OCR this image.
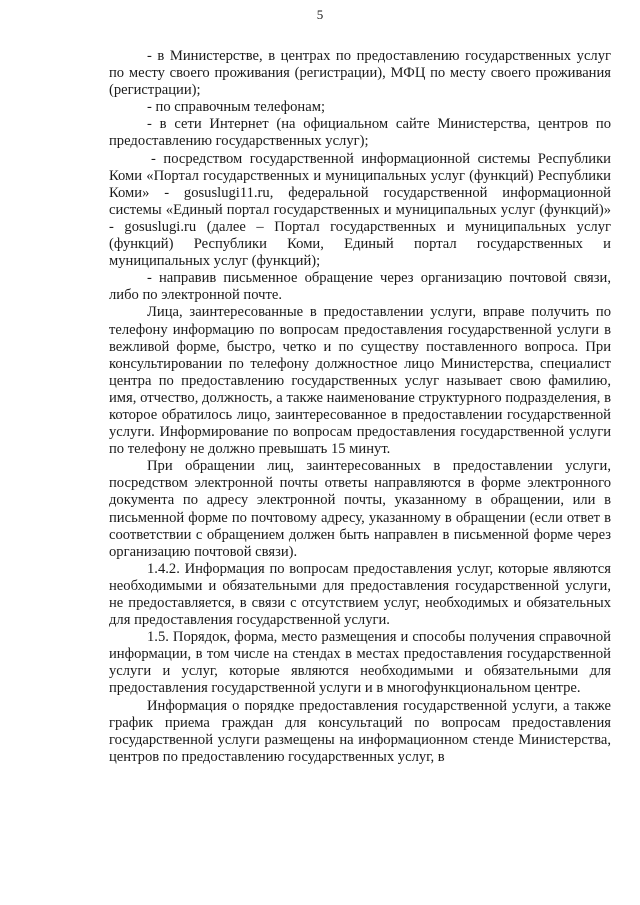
5

- в Министерстве, в центрах по предоставлению государственных услуг по месту своего проживания (регистрации), МФЦ по месту своего проживания (регистрации);

- по справочным телефонам;

- в сети Интернет (на официальном сайте Министерства, центров по предоставлению государственных услуг);

- посредством государственной информационной системы Республики Коми «Портал государственных и муниципальных услуг (функций) Республики Коми» - gosuslugi11.ru, федеральной государственной информационной системы «Единый портал государственных и муниципальных услуг (функций)» - gosuslugi.ru (далее – Портал государственных и муниципальных услуг (функций) Республики Коми, Единый портал государственных и муниципальных услуг (функций);

- направив письменное обращение через организацию почтовой связи, либо по электронной почте.

Лица, заинтересованные в предоставлении услуги, вправе получить по телефону информацию по вопросам предоставления государственной услуги в вежливой форме, быстро, четко и по существу поставленного вопроса. При консультировании по телефону должностное лицо Министерства, специалист центра по предоставлению государственных услуг называет свою фамилию, имя, отчество, должность, а также наименование структурного подразделения, в которое обратилось лицо, заинтересованное в предоставлении государственной услуги. Информирование по вопросам предоставления государственной услуги по телефону не должно превышать 15 минут.

При обращении лиц, заинтересованных в предоставлении услуги, посредством электронной почты ответы направляются в форме электронного документа по адресу электронной почты, указанному в обращении, или в письменной форме по почтовому адресу, указанному в обращении (если ответ в соответствии с обращением должен быть направлен в письменной форме через организацию почтовой связи).

1.4.2. Информация по вопросам предоставления услуг, которые являются необходимыми и обязательными для предоставления государственной услуги, не предоставляется, в связи с отсутствием услуг, необходимых и обязательных для предоставления государственной услуги.

1.5. Порядок, форма, место размещения и способы получения справочной информации, в том числе на стендах в местах предоставления государственной услуги и услуг, которые являются необходимыми и обязательными для предоставления государственной услуги и в многофункциональном центре.

Информация о порядке предоставления государственной услуги, а также график приема граждан для консультаций по вопросам предоставления государственной услуги размещены на информационном стенде Министерства, центров по предоставлению государственных услуг, в
